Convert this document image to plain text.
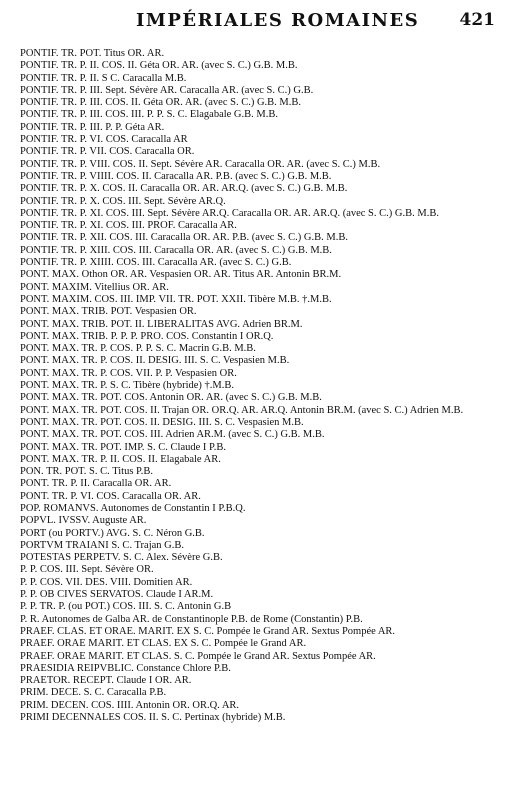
IMPÉRIALES ROMAINES 421
PONTIF. TR. POT. Titus OR. AR.
PONTIF. TR. P. II. COS. II. Géta OR. AR. (avec S. C.) G.B. M.B.
PONTIF. TR. P. II. S C. Caracalla M.B.
PONTIF. TR. P. III. Sept. Sévère AR. Caracalla AR. (avec S. C.) G.B.
PONTIF. TR. P. III. COS. II. Géta OR. AR. (avec S. C.) G.B. M.B.
PONTIF. TR. P. III. COS. III. P. P. S. C. Elagabale G.B. M.B.
PONTIF. TR. P. III. P. P. Géta AR.
PONTIF. TR. P. VI. COS. Caracalla AR
PONTIF. TR. P. VII. COS. Caracalla OR.
PONTIF. TR. P. VIII. COS. II. Sept. Sévère AR. Caracalla OR. AR. (avec S. C.) M.B.
PONTIF. TR. P. VIIII. COS. II. Caracalla AR. P.B. (avec S. C.) G.B. M.B.
PONTIF. TR. P. X. COS. II. Caracalla OR. AR. AR.Q. (avec S. C.) G.B. M.B.
PONTIF. TR. P. X. COS. III. Sept. Sévère AR.Q.
PONTIF. TR. P. XI. COS. III. Sept. Sévère AR.Q. Caracalla OR. AR. AR.Q. (avec S. C.) G.B. M.B.
PONTIF. TR. P. XI. COS. III. PROF. Caracalla AR.
PONTIF. TR. P. XII. COS. III. Caracalla OR. AR. P.B. (avec S. C.) G.B. M.B.
PONTIF. TR. P. XIII. COS. III. Caracalla OR. AR. (avec S. C.) G.B. M.B.
PONTIF. TR. P. XIIII. COS. III. Caracalla AR. (avec S. C.) G.B.
PONT. MAX. Othon OR. AR. Vespasien OR. AR. Titus AR. Antonin BR.M.
PONT. MAXIM. Vitellius OR. AR.
PONT. MAXIM. COS. III. IMP. VII. TR. POT. XXII. Tibère M.B. †.M.B.
PONT. MAX. TRIB. POT. Vespasien OR.
PONT. MAX. TRIB. POT. II. LIBERALITAS AVG. Adrien BR.M.
PONT. MAX. TRIB. P. P. P. PRO. COS. Constantin I OR.Q.
PONT. MAX. TR. P. COS. P. P. S. C. Macrin G.B. M.B.
PONT. MAX. TR. P. COS. II. DESIG. III. S. C. Vespasien M.B.
PONT. MAX. TR. P. COS. VII. P. P. Vespasien OR.
PONT. MAX. TR. P. S. C. Tibère (hybride) †.M.B.
PONT. MAX. TR. POT. COS. Antonin OR. AR. (avec S. C.) G.B. M.B.
PONT. MAX. TR. POT. COS. II. Trajan OR. OR.Q. AR. AR.Q. Antonin BR.M. (avec S. C.) Adrien M.B.
PONT. MAX. TR. POT. COS. II. DESIG. III. S. C. Vespasien M.B.
PONT. MAX. TR. POT. COS. III. Adrien AR.M. (avec S. C.) G.B. M.B.
PONT. MAX. TR. POT. IMP. S. C. Claude I P.B.
PONT. MAX. TR. P. II. COS. II. Elagabale AR.
PON. TR. POT. S. C. Titus P.B.
PONT. TR. P. II. Caracalla OR. AR.
PONT. TR. P. VI. COS. Caracalla OR. AR.
POP. ROMANVS. Autonomes de Constantin I P.B.Q.
POPVL. IVSSV. Auguste AR.
PORT (ou PORTV.) AVG. S. C. Néron G.B.
PORTVM TRAIANI S. C. Trajan G.B.
POTESTAS PERPETV. S. C. Alex. Sévère G.B.
P. P. COS. III. Sept. Sévère OR.
P. P. COS. VII. DES. VIII. Domitien AR.
P. P. OB CIVES SERVATOS. Claude I AR.M.
P. P. TR. P. (ou POT.) COS. III. S. C. Antonin G.B
P. R. Autonomes de Galba AR. de Constantinople P.B. de Rome (Constantin) P.B.
PRAEF. CLAS. ET ORAE. MARIT. EX S. C. Pompée le Grand AR. Sextus Pompée AR.
PRAEF. ORAE MARIT. ET CLAS. EX S. C. Pompée le Grand AR.
PRAEF. ORAE MARIT. ET CLAS. S. C. Pompée le Grand AR. Sextus Pompée AR.
PRAESIDIA REIPVBLIC. Constance Chlore P.B.
PRAETOR. RECEPT. Claude I OR. AR.
PRIM. DECE. S. C. Caracalla P.B.
PRIM. DECEN. COS. IIII. Antonin OR. OR.Q. AR.
PRIMI DECENNALES COS. II. S. C. Pertinax (hybride) M.B.
